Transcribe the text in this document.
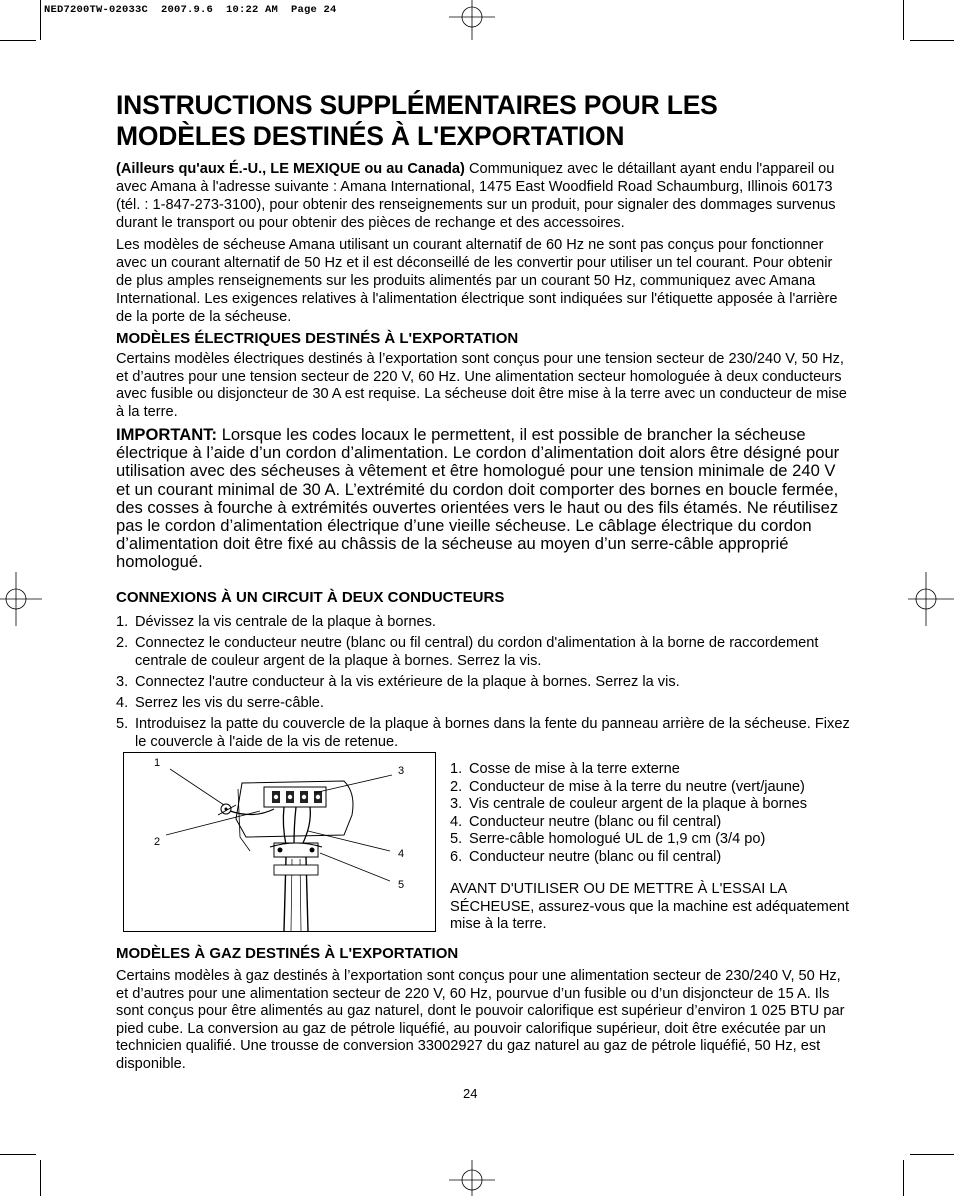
NED7200TW-02033C  2007.9.6  10:22 AM  Page 24
INSTRUCTIONS SUPPLÉMENTAIRES POUR LES
MODÈLES DESTINÉS À L'EXPORTATION

(Ailleurs qu'aux É.-U., LE MEXIQUE ou au Canada) Communiquez avec le détaillant ayant endu l'appareil ou avec Amana à l'adresse suivante : Amana International, 1475 East Woodfield Road Schaumburg, Illinois 60173 (tél. : 1-847-273-3100), pour obtenir des renseignements sur un produit, pour signaler des dommages survenus durant le transport ou pour obtenir des pièces de rechange et des accessoires.

Les modèles de sécheuse Amana utilisant un courant alternatif de 60 Hz ne sont pas conçus pour fonctionner avec un courant alternatif de 50 Hz et il est déconseillé de les convertir pour utiliser un tel courant. Pour obtenir de plus amples renseignements sur les produits alimentés par un courant 50 Hz, communiquez avec Amana International. Les exigences relatives à l'alimentation électrique sont indiquées sur l'étiquette apposée à l'arrière de la porte de la sécheuse.

MODÈLES ÉLECTRIQUES DESTINÉS À L'EXPORTATION

Certains modèles électriques destinés à l’exportation sont conçus pour une tension secteur de 230/240 V, 50 Hz, et d’autres pour une tension secteur de 220 V, 60 Hz. Une alimentation secteur homologuée à deux conducteurs avec fusible ou disjoncteur de 30 A est requise. La sécheuse doit être mise à la terre avec un conducteur de mise à la terre.

IMPORTANT: Lorsque les codes locaux le permettent, il est possible de brancher la sécheuse électrique à l’aide d’un cordon d’alimentation. Le cordon d’alimentation doit alors être désigné pour utilisation avec des sécheuses à vêtement et être homologué pour une tension minimale de 240 V et un courant minimal de 30 A. L’extrémité du cordon doit comporter des bornes en boucle fermée, des cosses à fourche à extrémités ouvertes orientées vers le haut ou des fils étamés. Ne réutilisez pas le cordon d’alimentation électrique d’une vieille sécheuse. Le câblage électrique du cordon d’alimentation doit être fixé au châssis de la sécheuse au moyen d’un serre-câble approprié homologué.

CONNEXIONS À UN CIRCUIT À DEUX CONDUCTEURS
1. Dévissez la vis centrale de la plaque à bornes.
2. Connectez le conducteur neutre (blanc ou fil central) du cordon d'alimentation à la borne de raccordement centrale de couleur argent de la plaque à bornes. Serrez la vis.
3. Connectez l'autre conducteur à la vis extérieure de la plaque à bornes. Serrez la vis.
4. Serrez les vis du serre-câble.
5. Introduisez la patte du couvercle de la plaque à bornes dans la fente du panneau arrière de la sécheuse. Fixez le couvercle à l'aide de la vis de retenue.
1
2
3
4
5
1. Cosse de mise à la terre externe
2. Conducteur de mise à la terre du neutre (vert/jaune)
3. Vis centrale de couleur argent de la plaque à bornes
4. Conducteur neutre (blanc ou fil central)
5. Serre-câble homologué UL de 1,9 cm (3/4 po)
6. Conducteur neutre (blanc ou fil central)
AVANT D'UTILISER OU DE METTRE À L'ESSAI LA SÉCHEUSE, assurez-vous que la machine est adéquatement mise à la terre.
MODÈLES À GAZ DESTINÉS À L'EXPORTATION

Certains modèles à gaz destinés à l’exportation sont conçus pour une alimentation secteur de 230/240 V, 50 Hz, et d’autres pour une alimentation secteur de 220 V, 60 Hz, pourvue d’un fusible ou d’un disjoncteur de 15 A. Ils sont conçus pour être alimentés au gaz naturel, dont le pouvoir calorifique est supérieur d’environ 1 025 BTU par pied cube. La conversion au gaz de pétrole liquéfié, au pouvoir calorifique supérieur, doit être exécutée par un technicien qualifié. Une trousse de conversion 33002927 du gaz naturel au gaz de pétrole liquéfié, 50 Hz, est disponible.

24
